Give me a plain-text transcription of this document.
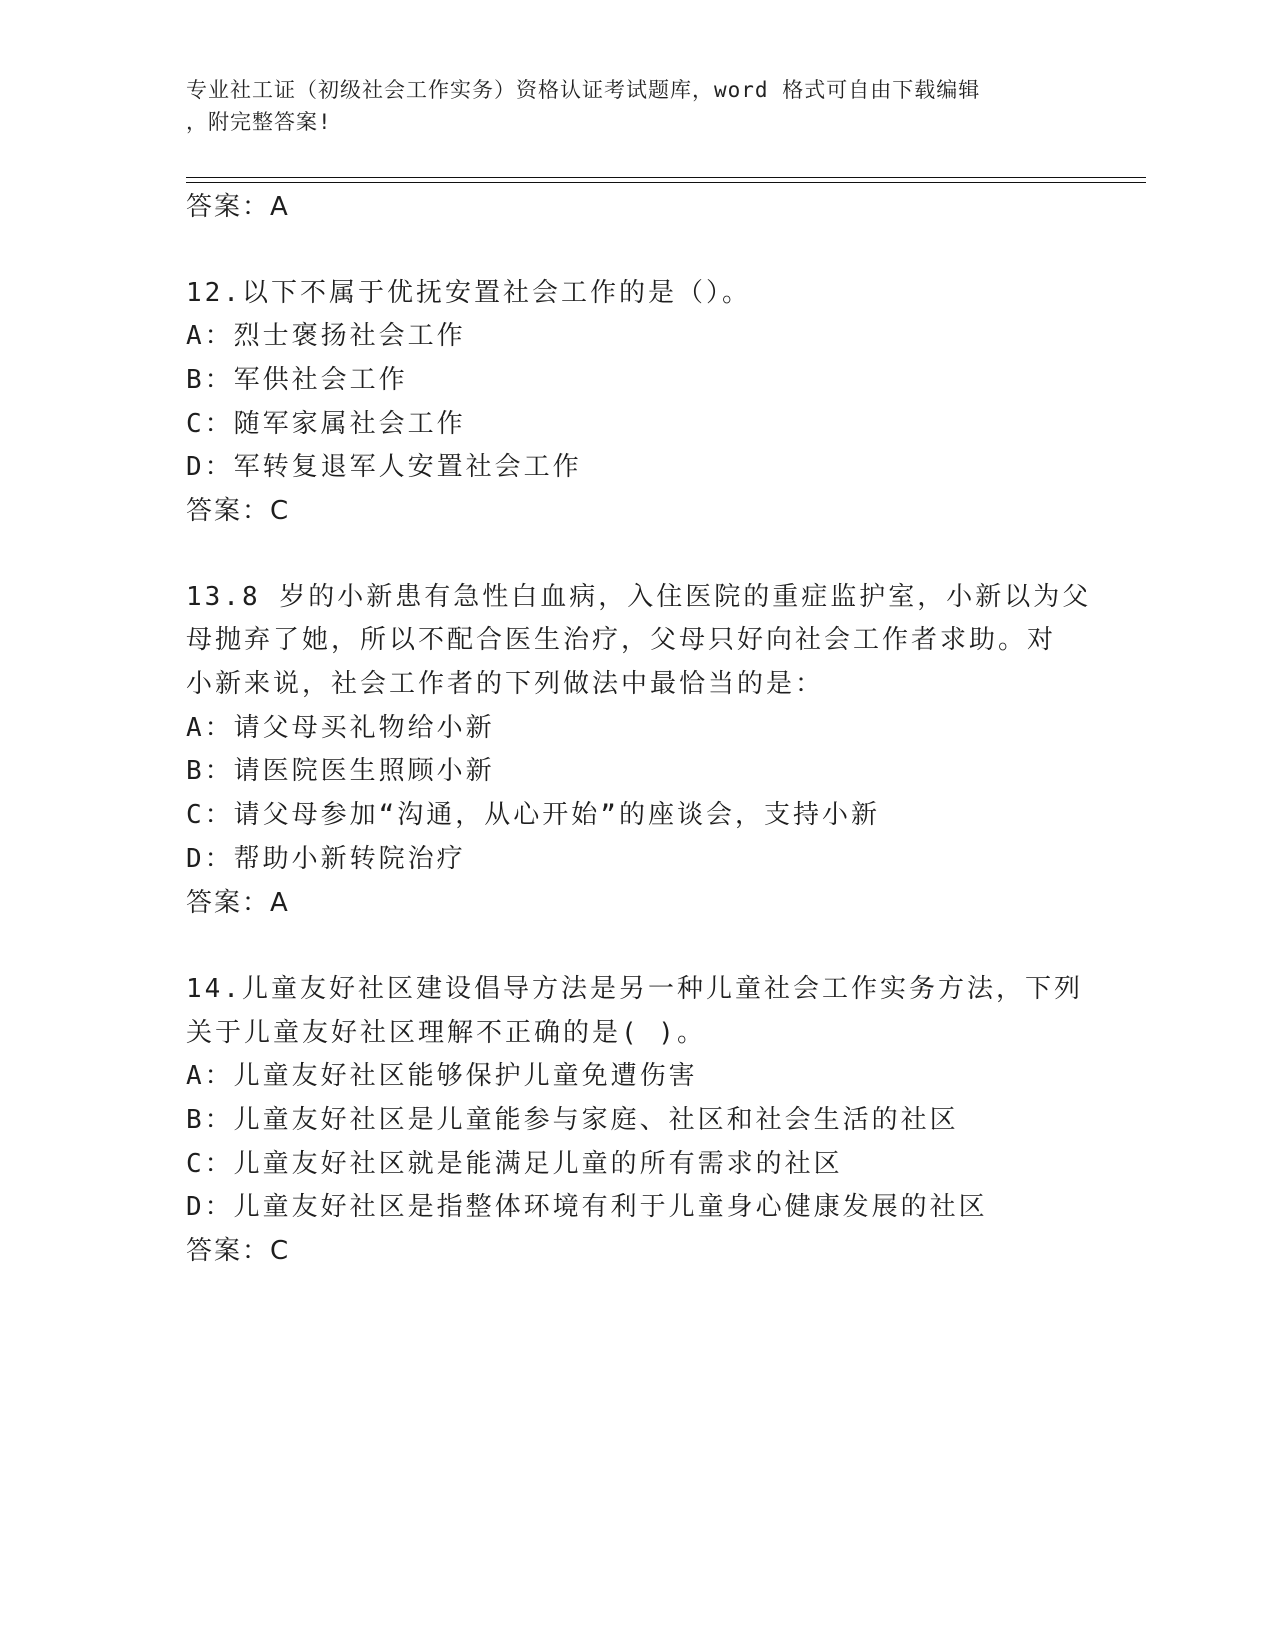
专业社工证（初级社会工作实务）资格认证考试题库，word 格式可自由下载编辑
，附完整答案!
答案：A
12.以下不属于优抚安置社会工作的是（）。
A：烈士褒扬社会工作
B：军供社会工作
C：随军家属社会工作
D：军转复退军人安置社会工作
答案：C
13.8 岁的小新患有急性白血病，入住医院的重症监护室，小新以为父
母抛弃了她，所以不配合医生治疗，父母只好向社会工作者求助。对
小新来说，社会工作者的下列做法中最恰当的是：
A：请父母买礼物给小新
B：请医院医生照顾小新
C：请父母参加“沟通，从心开始”的座谈会，支持小新
D：帮助小新转院治疗
答案：A
14.儿童友好社区建设倡导方法是另一种儿童社会工作实务方法，下列
关于儿童友好社区理解不正确的是( )。
A：儿童友好社区能够保护儿童免遭伤害
B：儿童友好社区是儿童能参与家庭、社区和社会生活的社区
C：儿童友好社区就是能满足儿童的所有需求的社区
D：儿童友好社区是指整体环境有利于儿童身心健康发展的社区
答案：C
